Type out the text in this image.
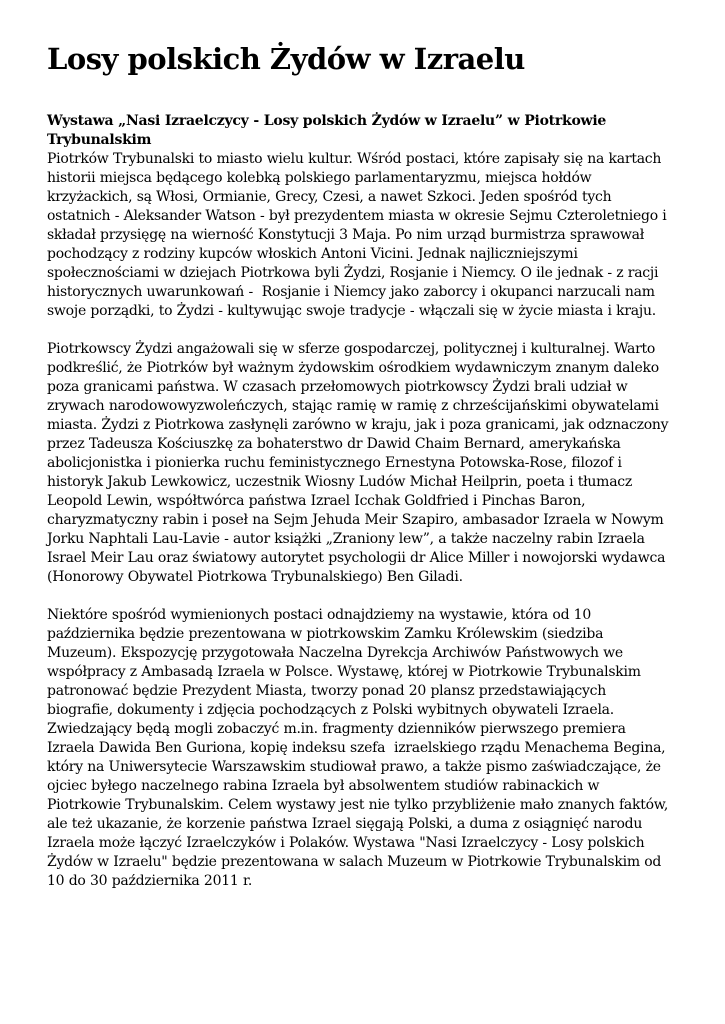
Losy polskich Żydów w Izraelu

Wystawa „Nasi Izraelczycy - Losy polskich Żydów w Izraelu” w Piotrkowie Trybunalskim
Piotrków Trybunalski to miasto wielu kultur. Wśród postaci, które zapisały się na kartach historii miejsca będącego kolebką polskiego parlamentaryzmu, miejsca hołdów krzyżackich, są Włosi, Ormianie, Grecy, Czesi, a nawet Szkoci. Jeden spośród tych ostatnich - Aleksander Watson - był prezydentem miasta w okresie Sejmu Czteroletniego i składał przysięgę na wierność Konstytucji 3 Maja. Po nim urząd burmistrza sprawował pochodzący z rodziny kupców włoskich Antoni Vicini. Jednak najliczniejszymi społecznościami w dziejach Piotrkowa byli Żydzi, Rosjanie i Niemcy. O ile jednak - z racji historycznych uwarunkowań -  Rosjanie i Niemcy jako zaborcy i okupanci narzucali nam swoje porządki, to Żydzi - kultywując swoje tradycje - włączali się w życie miasta i kraju.

Piotrkowscy Żydzi angażowali się w sferze gospodarczej, politycznej i kulturalnej. Warto podkreślić, że Piotrków był ważnym żydowskim ośrodkiem wydawniczym znanym daleko poza granicami państwa. W czasach przełomowych piotrkowscy Żydzi brali udział w zrywach narodowowyzwoleńczych, stając ramię w ramię z chrześcijańskimi obywatelami miasta. Żydzi z Piotrkowa zasłynęli zarówno w kraju, jak i poza granicami, jak odznaczony przez Tadeusza Kościuszkę za bohaterstwo dr Dawid Chaim Bernard, amerykańska abolicjonistka i pionierka ruchu feministycznego Ernestyna Potowska-Rose, filozof i historyk Jakub Lewkowicz, uczestnik Wiosny Ludów Michał Heilprin, poeta i tłumacz Leopold Lewin, współtwórca państwa Izrael Icchak Goldfried i Pinchas Baron, charyzmatyczny rabin i poseł na Sejm Jehuda Meir Szapiro, ambasador Izraela w Nowym Jorku Naphtali Lau-Lavie - autor książki „Zraniony lew”, a także naczelny rabin Izraela Israel Meir Lau oraz światowy autorytet psychologii dr Alice Miller i nowojorski wydawca (Honorowy Obywatel Piotrkowa Trybunalskiego) Ben Giladi.

Niektóre spośród wymienionych postaci odnajdziemy na wystawie, która od 10 października będzie prezentowana w piotrkowskim Zamku Królewskim (siedziba Muzeum). Ekspozycję przygotowała Naczelna Dyrekcja Archiwów Państwowych we współpracy z Ambasadą Izraela w Polsce. Wystawę, której w Piotrkowie Trybunalskim patronować będzie Prezydent Miasta, tworzy ponad 20 plansz przedstawiających biografie, dokumenty i zdjęcia pochodzących z Polski wybitnych obywateli Izraela. Zwiedzający będą mogli zobaczyć m.in. fragmenty dzienników pierwszego premiera Izraela Dawida Ben Guriona, kopię indeksu szefa  izraelskiego rządu Menachema Begina, który na Uniwersytecie Warszawskim studiował prawo, a także pismo zaświadczające, że ojciec byłego naczelnego rabina Izraela był absolwentem studiów rabinackich w Piotrkowie Trybunalskim. Celem wystawy jest nie tylko przybliżenie mało znanych faktów, ale też ukazanie, że korzenie państwa Izrael sięgają Polski, a duma z osiągnięć narodu Izraela może łączyć Izraelczyków i Polaków. Wystawa "Nasi Izraelczycy - Losy polskich Żydów w Izraelu" będzie prezentowana w salach Muzeum w Piotrkowie Trybunalskim od 10 do 30 października 2011 r.
